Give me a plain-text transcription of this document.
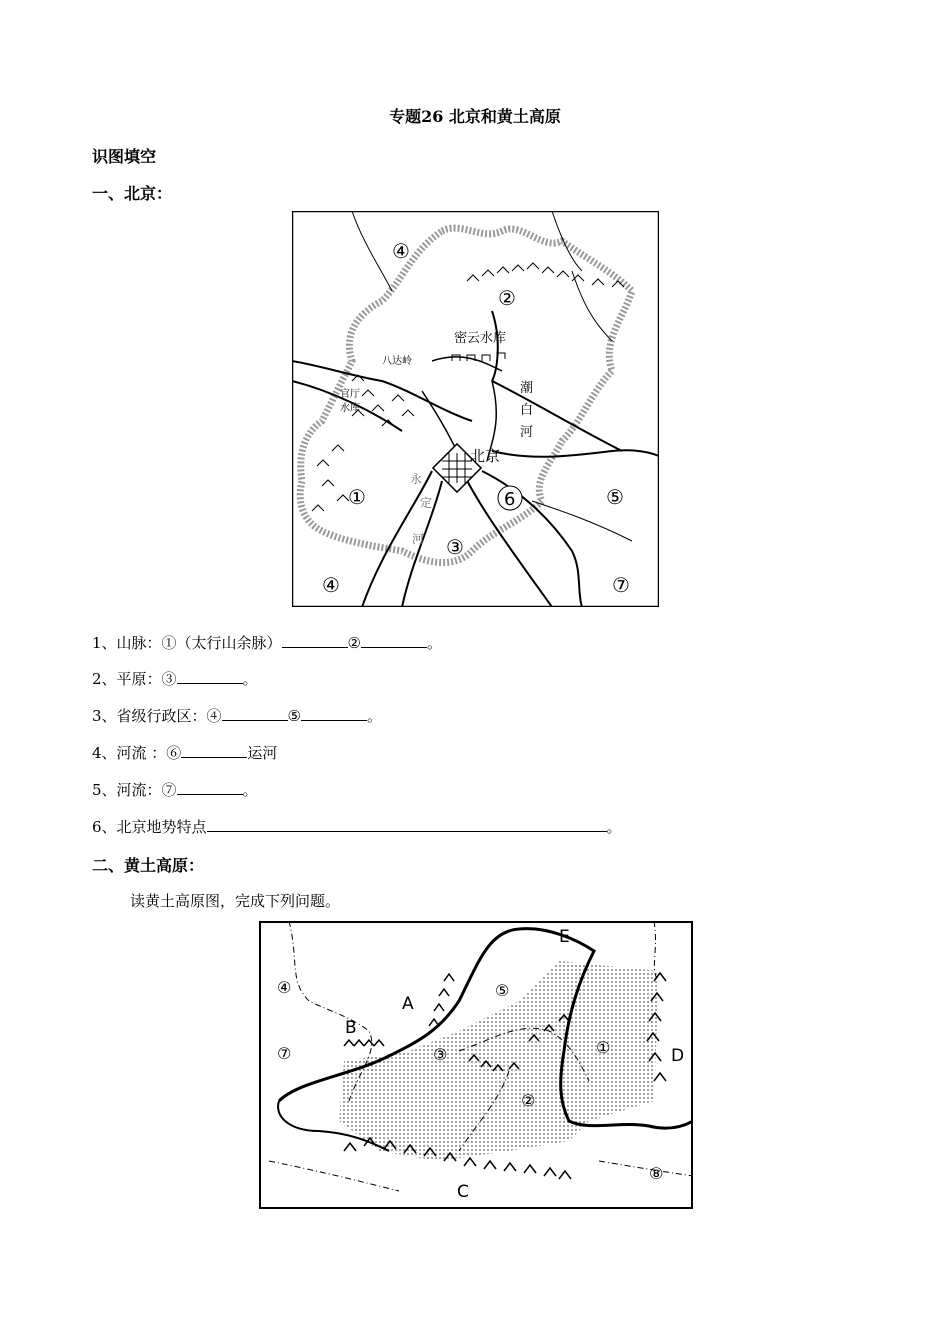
专题26 北京和黄土高原
识图填空
一、北京：
④
②
①
③
④
⑤
⑦
6
密云水库
潮
白
河
北京
八达岭
官厅
水库
永
定
河
1、山脉：①（太行山余脉）	②	。
2、平原：③	。
3、省级行政区：④	⑤	。
4、河流 ：⑥	运河
5、河流：⑦	。
6、北京地势特点	。
二、黄土高原：
读黄土高原图，完成下列问题。
E
A
B
C
D
④	⑤
①
③
②
⑦
⑧
